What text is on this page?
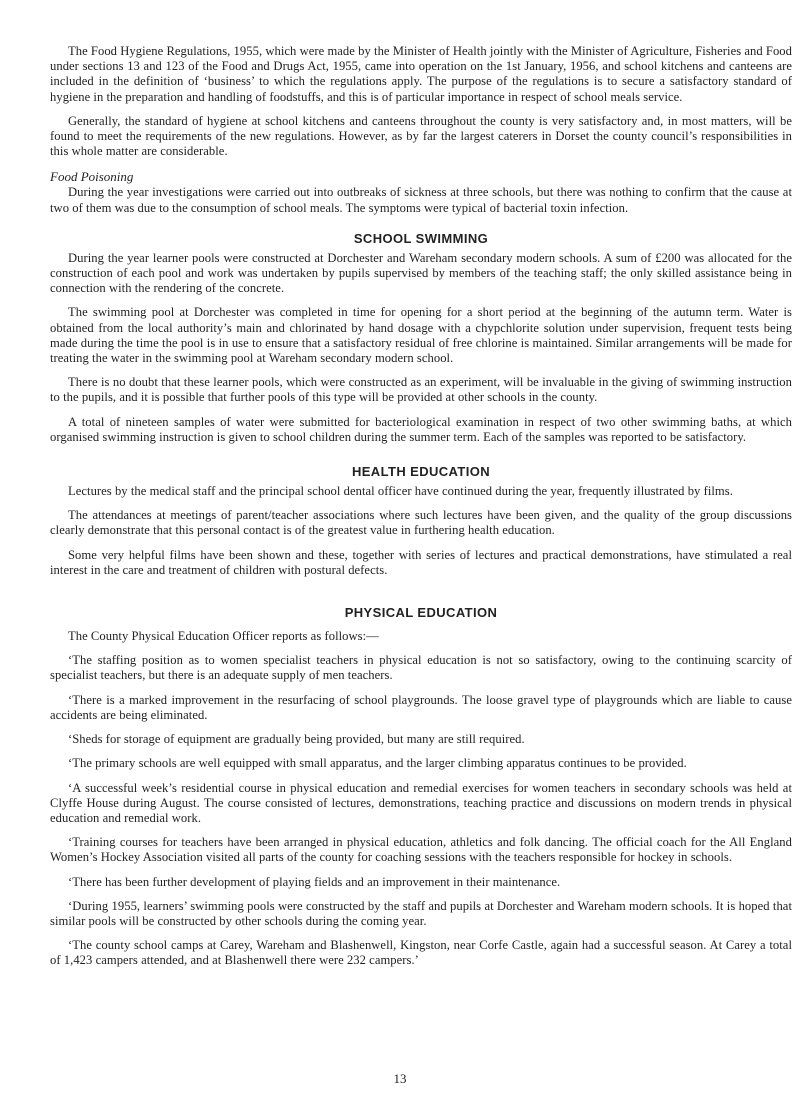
The Food Hygiene Regulations, 1955, which were made by the Minister of Health jointly with the Minister of Agriculture, Fisheries and Food under sections 13 and 123 of the Food and Drugs Act, 1955, came into operation on the 1st January, 1956, and school kitchens and canteens are included in the definition of ‘business’ to which the regulations apply. The purpose of the regulations is to secure a satisfactory standard of hygiene in the preparation and handling of foodstuffs, and this is of particular importance in respect of school meals service.

Generally, the standard of hygiene at school kitchens and canteens throughout the county is very satisfactory and, in most matters, will be found to meet the requirements of the new regulations. However, as by far the largest caterers in Dorset the county council’s responsibilities in this whole matter are considerable.

Food Poisoning

During the year investigations were carried out into outbreaks of sickness at three schools, but there was nothing to confirm that the cause at two of them was due to the consumption of school meals. The symptoms were typical of bacterial toxin infection.

SCHOOL SWIMMING

During the year learner pools were constructed at Dorchester and Wareham secondary modern schools. A sum of £200 was allocated for the construction of each pool and work was undertaken by pupils supervised by members of the teaching staff; the only skilled assistance being in connection with the rendering of the concrete.

The swimming pool at Dorchester was completed in time for opening for a short period at the beginning of the autumn term. Water is obtained from the local authority’s main and chlorinated by hand dosage with a chypchlorite solution under supervision, frequent tests being made during the time the pool is in use to ensure that a satisfactory residual of free chlorine is maintained. Similar arrangements will be made for treating the water in the swimming pool at Wareham secondary modern school.

There is no doubt that these learner pools, which were constructed as an experiment, will be invaluable in the giving of swimming instruction to the pupils, and it is possible that further pools of this type will be provided at other schools in the county.

A total of nineteen samples of water were submitted for bacteriological examination in respect of two other swimming baths, at which organised swimming instruction is given to school children during the summer term. Each of the samples was reported to be satisfactory.

HEALTH EDUCATION

Lectures by the medical staff and the principal school dental officer have continued during the year, frequently illustrated by films.

The attendances at meetings of parent/teacher associations where such lectures have been given, and the quality of the group discussions clearly demonstrate that this personal contact is of the greatest value in furthering health education.

Some very helpful films have been shown and these, together with series of lectures and practical demonstrations, have stimulated a real interest in the care and treatment of children with postural defects.

PHYSICAL EDUCATION

The County Physical Education Officer reports as follows:—

‘The staffing position as to women specialist teachers in physical education is not so satisfactory, owing to the continuing scarcity of specialist teachers, but there is an adequate supply of men teachers.

‘There is a marked improvement in the resurfacing of school playgrounds. The loose gravel type of playgrounds which are liable to cause accidents are being eliminated.

‘Sheds for storage of equipment are gradually being provided, but many are still required.

‘The primary schools are well equipped with small apparatus, and the larger climbing apparatus continues to be provided.

‘A successful week’s residential course in physical education and remedial exercises for women teachers in secondary schools was held at Clyffe House during August. The course consisted of lectures, demonstrations, teaching practice and discussions on modern trends in physical education and remedial work.

‘Training courses for teachers have been arranged in physical education, athletics and folk dancing. The official coach for the All England Women’s Hockey Association visited all parts of the county for coaching sessions with the teachers responsible for hockey in schools.

‘There has been further development of playing fields and an improvement in their maintenance.

‘During 1955, learners’ swimming pools were constructed by the staff and pupils at Dorchester and Wareham modern schools. It is hoped that similar pools will be constructed by other schools during the coming year.

‘The county school camps at Carey, Wareham and Blashenwell, Kingston, near Corfe Castle, again had a successful season. At Carey a total of 1,423 campers attended, and at Blashenwell there were 232 campers.’

13
